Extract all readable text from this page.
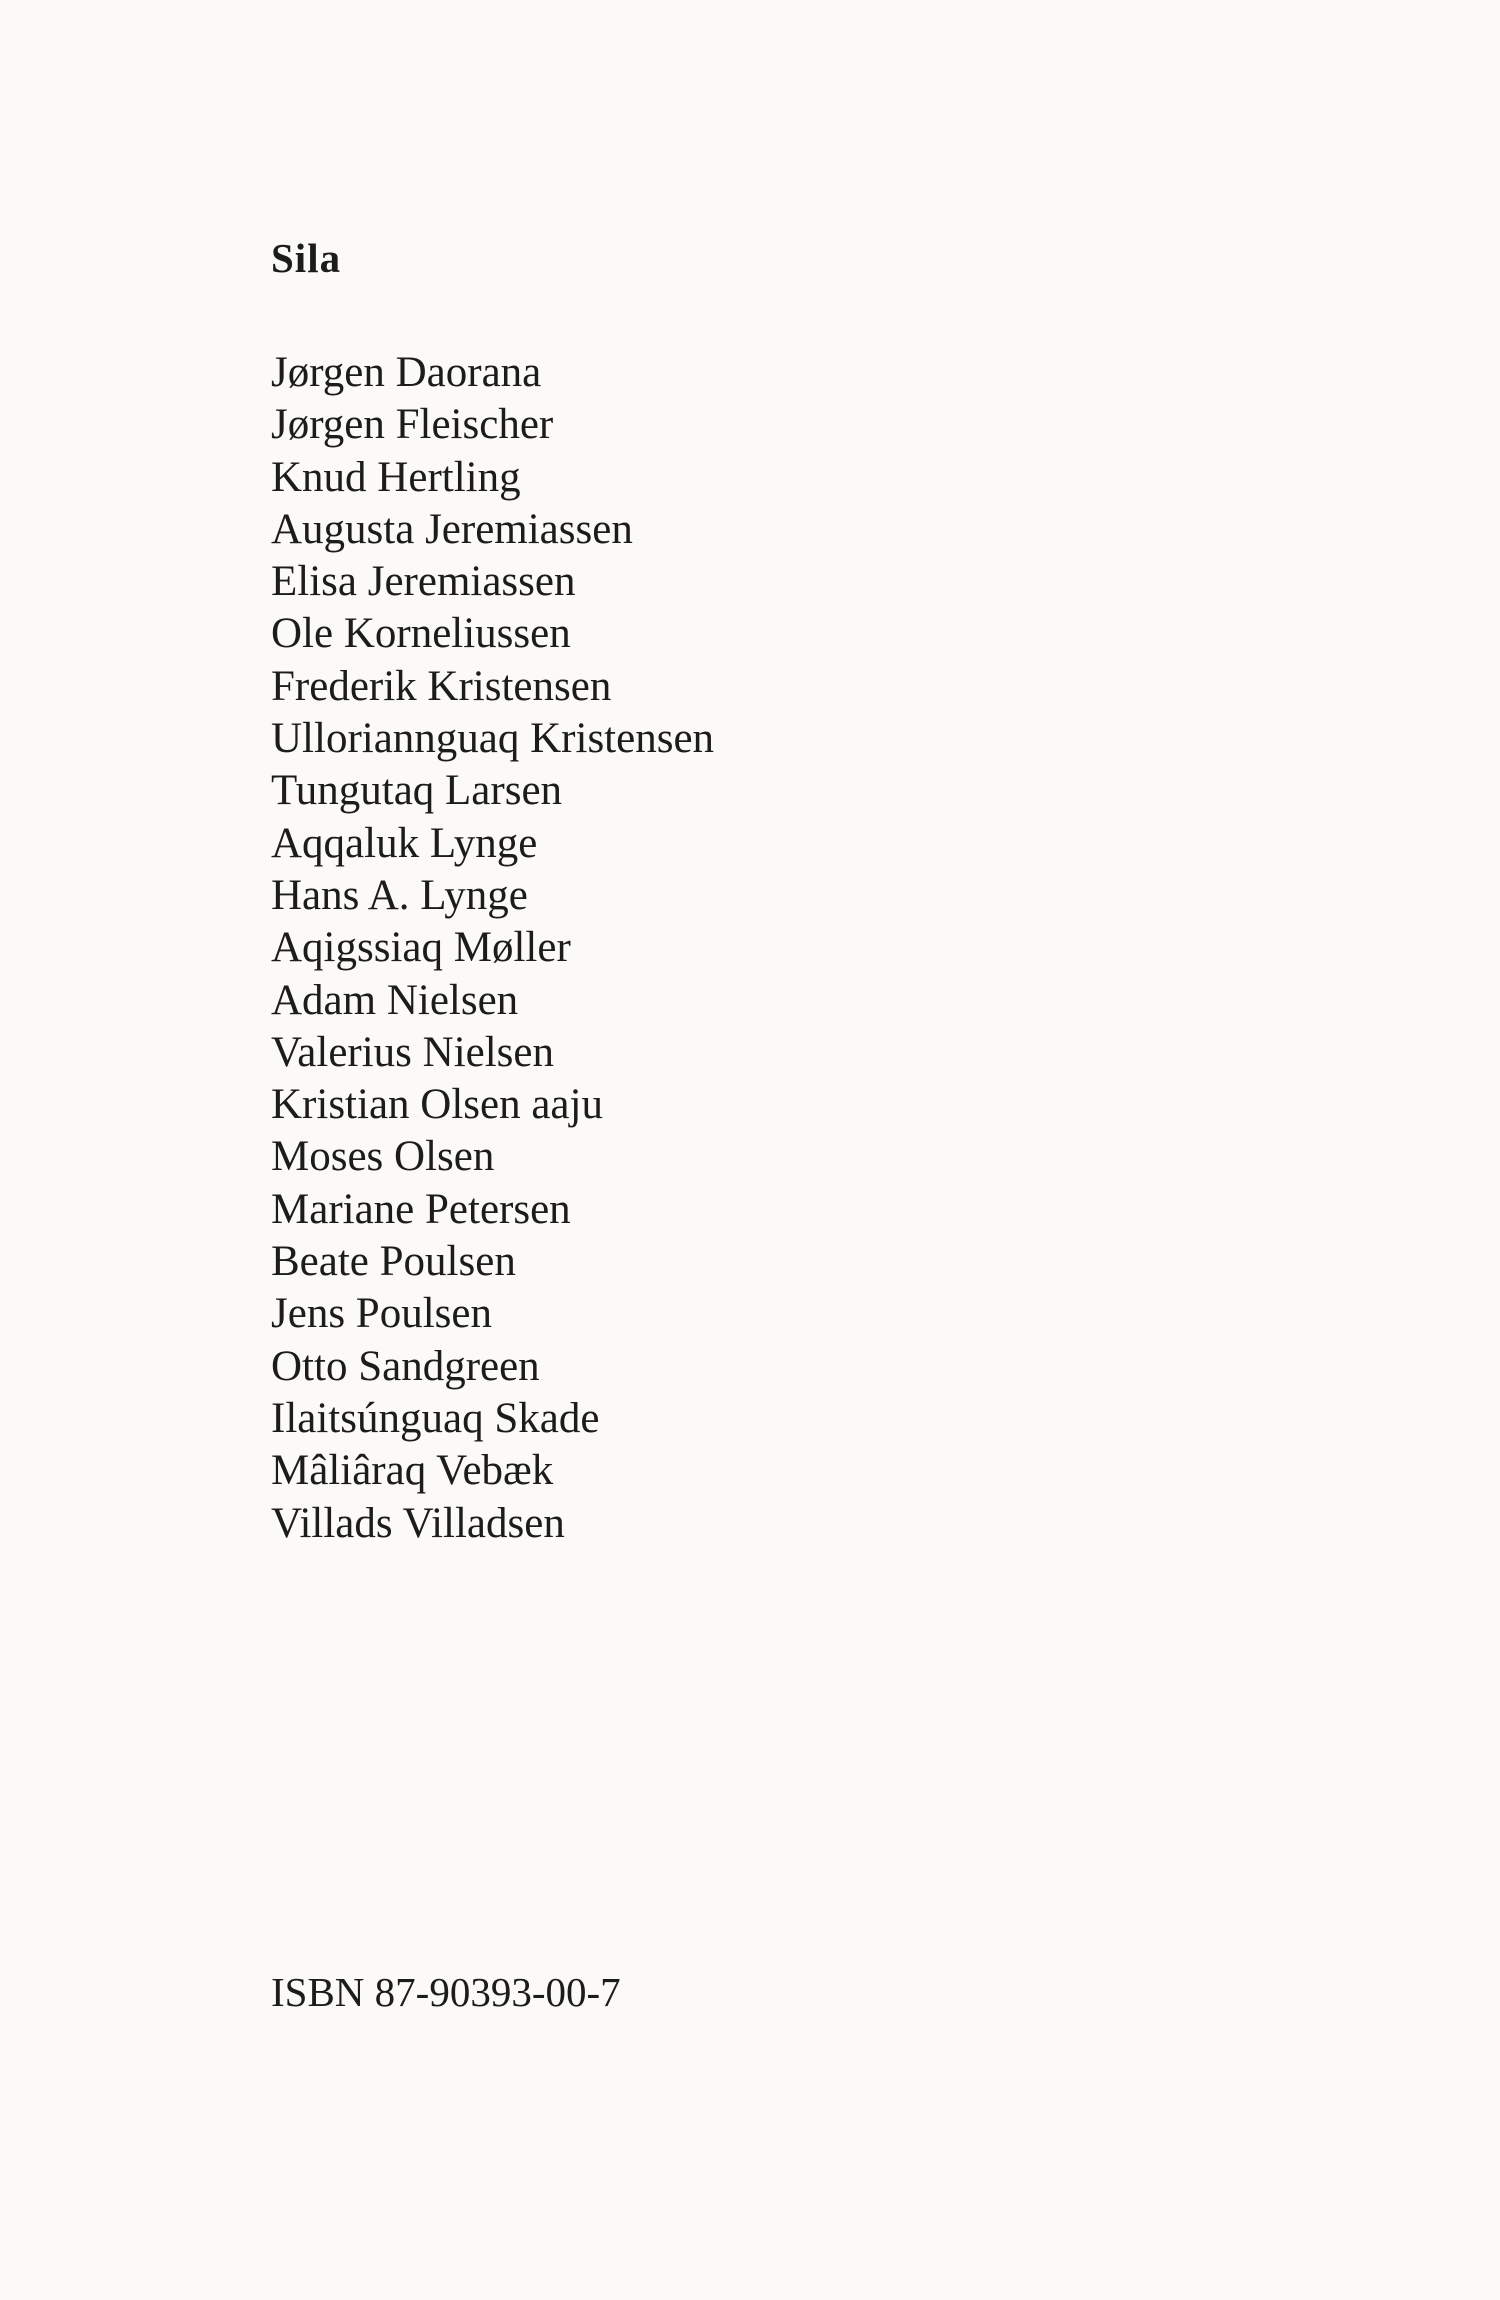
Sila
Jørgen Daorana
Jørgen Fleischer
Knud Hertling
Augusta Jeremiassen
Elisa Jeremiassen
Ole Korneliussen
Frederik Kristensen
Ulloriannguaq Kristensen
Tungutaq Larsen
Aqqaluk Lynge
Hans A. Lynge
Aqigssiaq Møller
Adam Nielsen
Valerius Nielsen
Kristian Olsen aaju
Moses Olsen
Mariane Petersen
Beate Poulsen
Jens Poulsen
Otto Sandgreen
Ilaitsúnguaq Skade
Mâliâraq Vebæk
Villads Villadsen
ISBN 87-90393-00-7
